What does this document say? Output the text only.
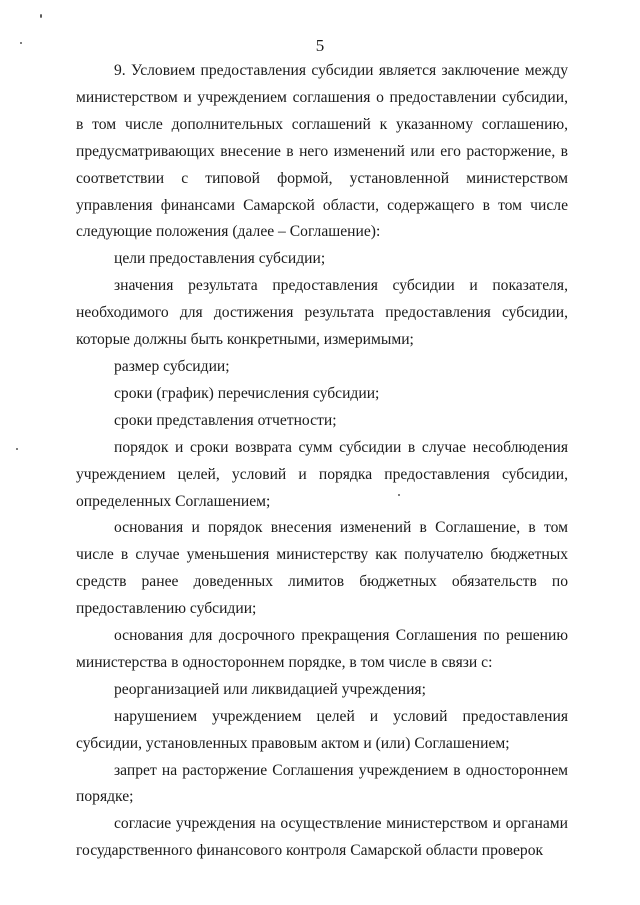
5

9. Условием предоставления субсидии является заключение между министерством и учреждением соглашения о предоставлении субсидии, в том числе дополнительных соглашений к указанному соглашению, предусматривающих внесение в него изменений или его расторжение, в соответствии с типовой формой, установленной министерством управления финансами Самарской области, содержащего в том числе следующие положения (далее – Соглашение):

цели предоставления субсидии;

значения результата предоставления субсидии и показателя, необходимого для достижения результата предоставления субсидии, которые должны быть конкретными, измеримыми;

размер субсидии;

сроки (график) перечисления субсидии;

сроки представления отчетности;

порядок и сроки возврата сумм субсидии в случае несоблюдения учреждением целей, условий и порядка предоставления субсидии, определенных Соглашением;

основания и порядок внесения изменений в Соглашение, в том числе в случае уменьшения министерству как получателю бюджетных средств ранее доведенных лимитов бюджетных обязательств по предоставлению субсидии;

основания для досрочного прекращения Соглашения по решению министерства в одностороннем порядке, в том числе в связи с:

реорганизацией или ликвидацией учреждения;

нарушением учреждением целей и условий предоставления субсидии, установленных правовым актом и (или) Соглашением;

запрет на расторжение Соглашения учреждением в одностороннем порядке;

согласие учреждения на осуществление министерством и органами государственного финансового контроля Самарской области проверок
